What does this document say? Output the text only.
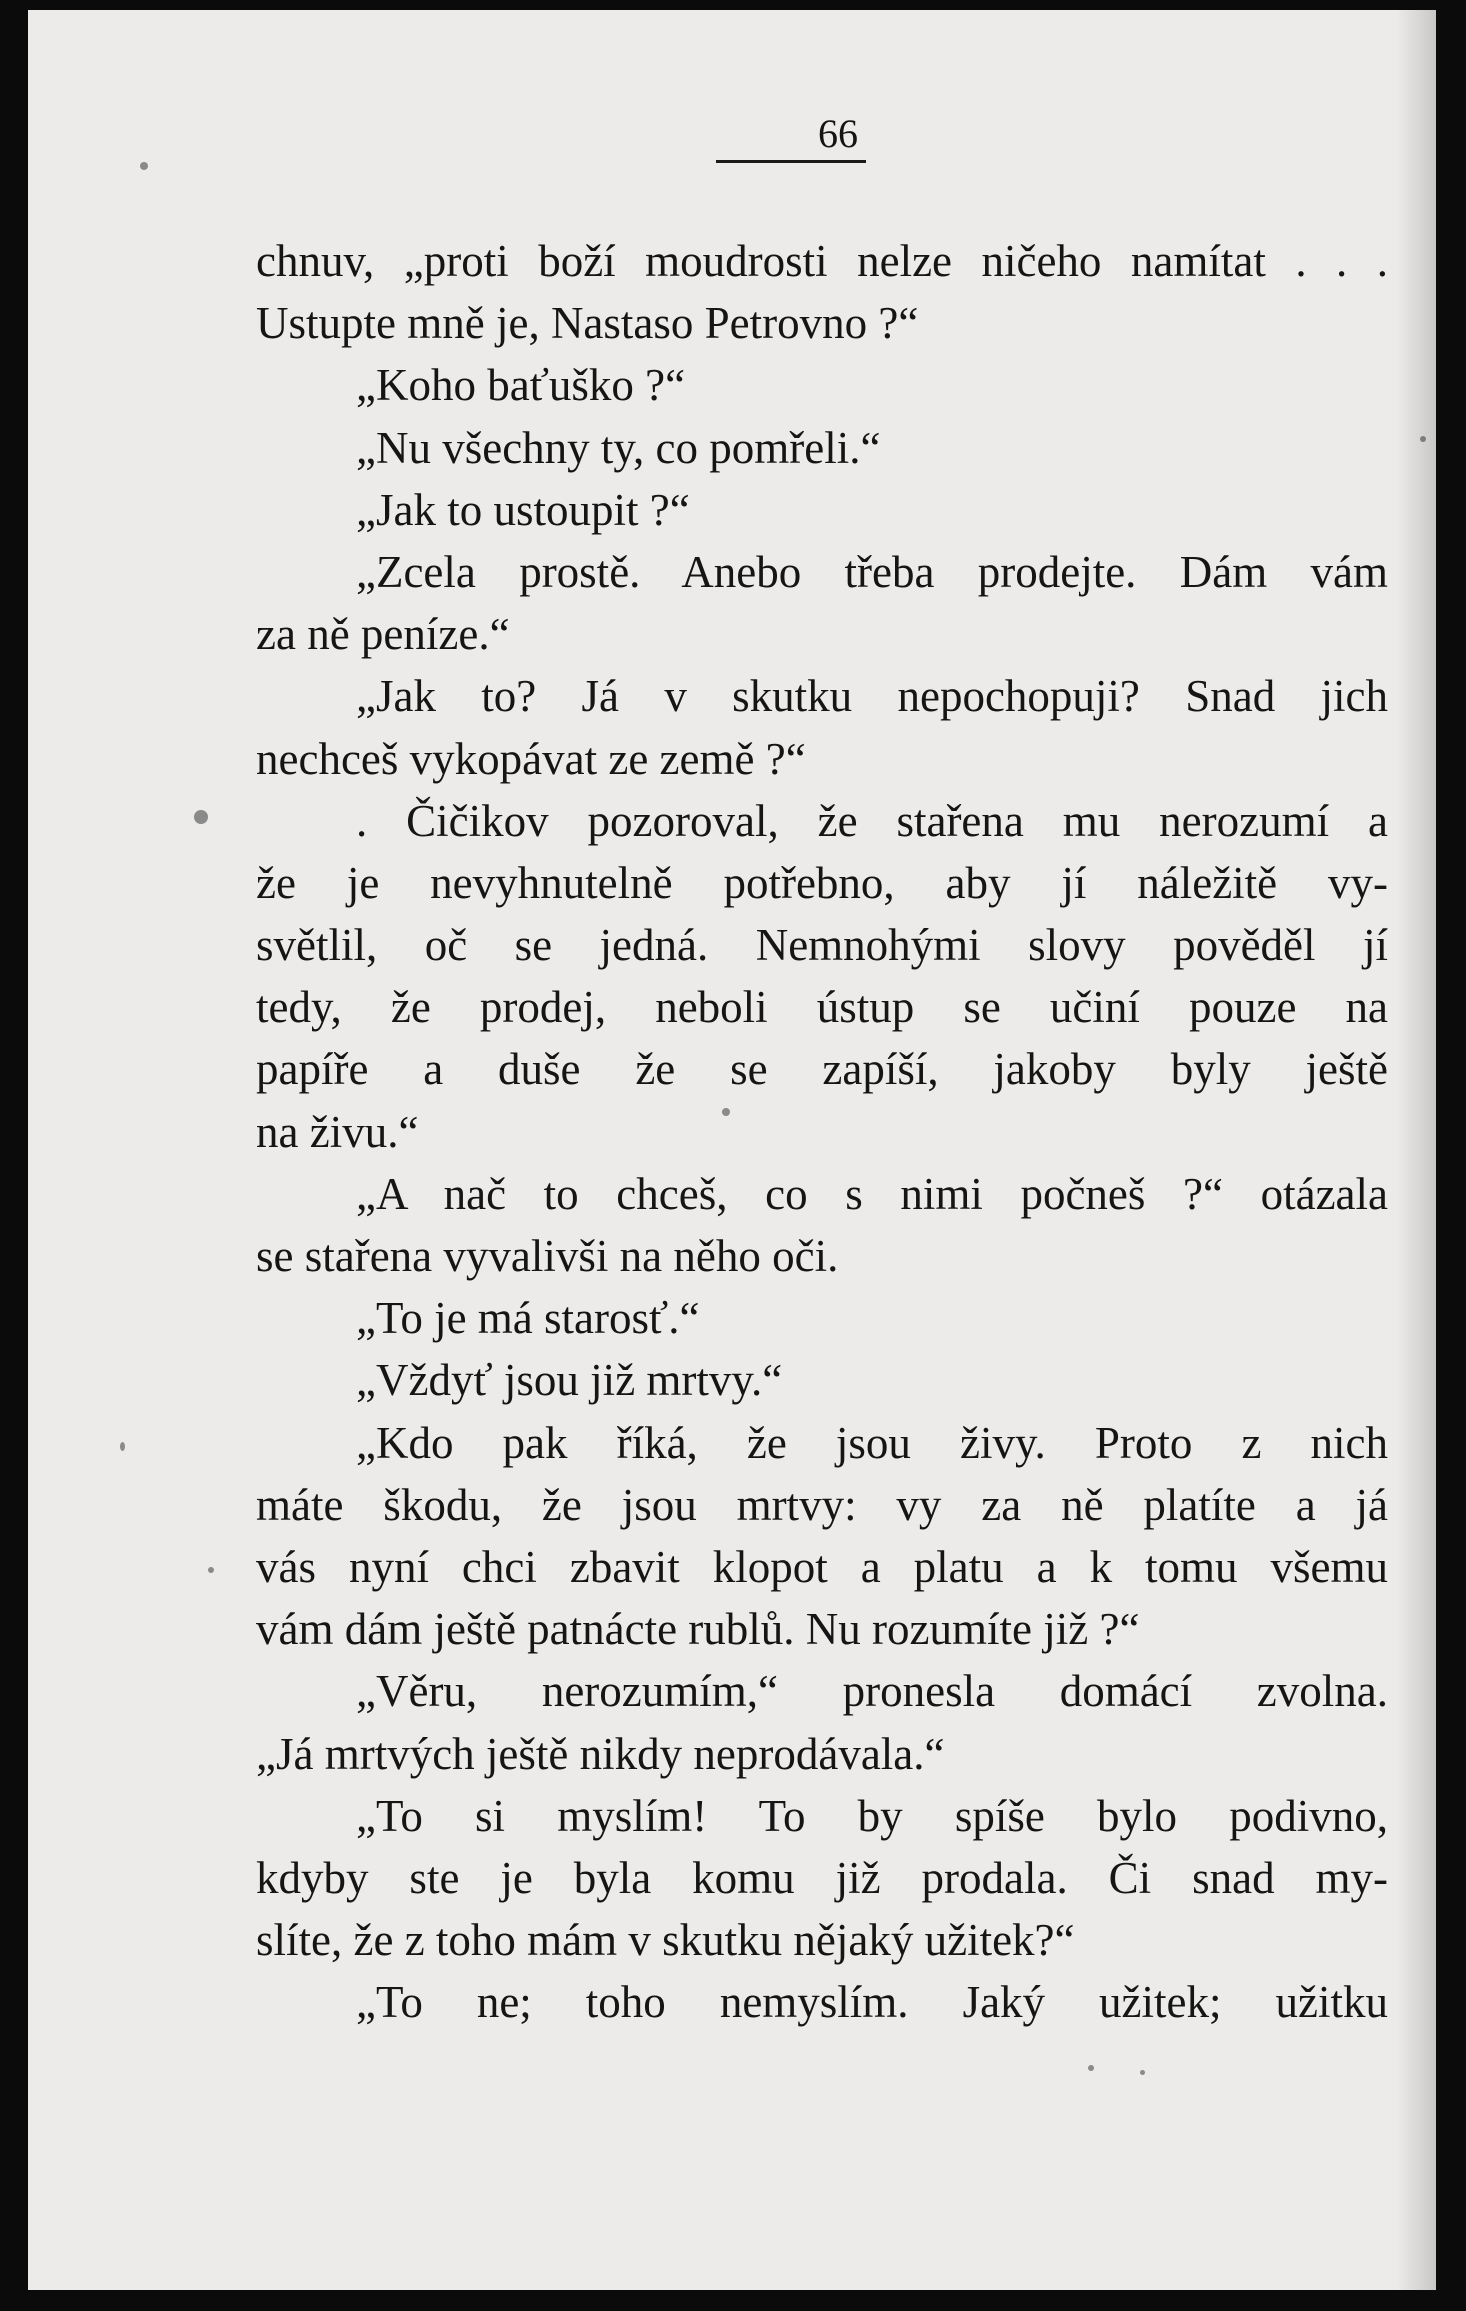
66
chnuv, „proti boží moudrosti nelze ničeho namítat . . .
Ustupte mně je, Nastaso Petrovno ?“
„Koho baťuško ?“
„Nu všechny ty, co pomřeli.“
„Jak to ustoupit ?“
„Zcela prostě. Anebo třeba prodejte. Dám vám
za ně peníze.“
„Jak to? Já v skutku nepochopuji? Snad jich
nechceš vykopávat ze země ?“
. Čičikov pozoroval, že stařena mu nerozumí a
že je nevyhnutelně potřebno, aby jí náležitě vy-
světlil, oč se jedná. Nemnohými slovy pověděl jí
tedy, že prodej, neboli ústup se učiní pouze na
papíře a duše že se zapíší, jakoby byly ještě
na živu.“
„A nač to chceš, co s nimi počneš ?“ otázala
se stařena vyvalivši na něho oči.
„To je má starosť.“
„Vždyť jsou již mrtvy.“
„Kdo pak říká, že jsou živy. Proto z nich
máte škodu, že jsou mrtvy: vy za ně platíte a já
vás nyní chci zbavit klopot a platu a k tomu všemu
vám dám ještě patnácte rublů. Nu rozumíte již ?“
„Věru, nerozumím,“ pronesla domácí zvolna.
„Já mrtvých ještě nikdy neprodávala.“
„To si myslím! To by spíše bylo podivno,
kdyby ste je byla komu již prodala. Či snad my-
slíte, že z toho mám v skutku nějaký užitek?“
„To ne; toho nemyslím. Jaký užitek; užitku
